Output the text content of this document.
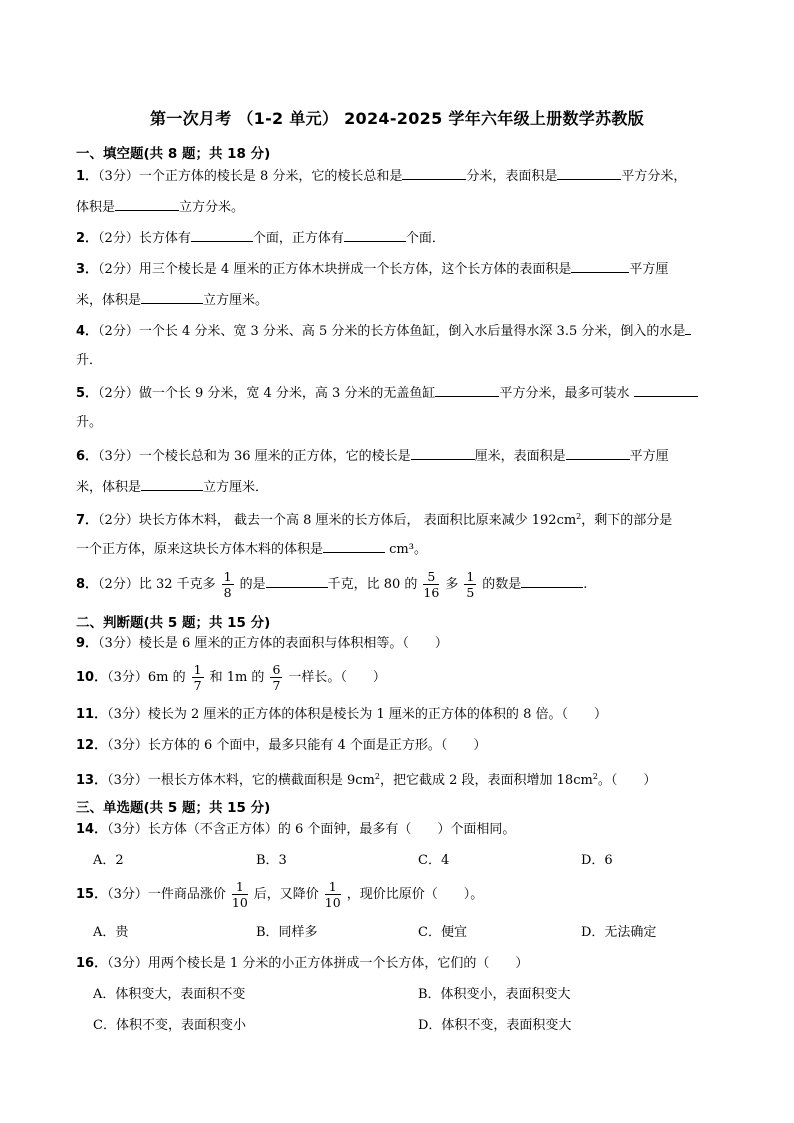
第一次月考 （1-2 单元） 2024-2025 学年六年级上册数学苏教版
一、填空题(共 8 题；共 18 分)
1．（3分）一个正方体的棱长是 8 分米，它的棱长总和是	分米，表面积是	平方分米，
体积是	立方分米。
2．（2分）长方体有	个面，正方体有	个面．
3．（2分）用三个棱长是 4 厘米的正方体木块拼成一个长方体，这个长方体的表面积是	平方厘
米，体积是	立方厘米。
4．（2分）一个长 4 分米、宽 3 分米、高 5 分米的长方体鱼缸，倒入水后量得水深 3.5 分米，倒入的水是
升．
5．（2分）做一个长 9 分米，宽 4 分米，高 3 分米的无盖鱼缸	平方分米，最多可装水
升。
6．（3分）一个棱长总和为 36 厘米的正方体，它的棱长是	厘米，表面积是	平方厘
米，体积是	立方厘米．
7．（2分）块长方体木料， 截去一个高 8 厘米的长方体后， 表面积比原来减少 $192cm^2$，剩下的部分是
一个正方体，原来这块长方体木料的体积是	cm³。
8．（2分）比 32 千克多 $\frac{1}{8}$ 的是	千克，比 80 的 $\frac{5}{16}$ 多 $\frac{1}{5}$ 的数是	.
二、判断题(共 5 题；共 15 分)
9．（3分）棱长是 6 厘米的正方体的表面积与体积相等。（　　）
10．（3分）6m 的 $\frac{1}{7}$ 和 1m 的 $\frac{6}{7}$ 一样长。（　　）
11．（3分）棱长为 2 厘米的正方体的体积是棱长为 1 厘米的正方体的体积的 8 倍。（　　）
12．（3分）长方体的 6 个面中，最多只能有 4 个面是正方形。（　　）
13．（3分）一根长方体木料，它的横截面积是 $9cm^2$，把它截成 2 段，表面积增加 $18cm^2$。（　　）
三、单选题(共 5 题；共 15 分)
14．（3分）长方体（不含正方体）的 6 个面钟，最多有（　　）个面相同。
A．2	B．3	C．4	D．6
15．（3分）一件商品涨价 $\frac{1}{10}$ 后，又降价 $\frac{1}{10}$ ，现价比原价（　　）。
A．贵	B．同样多	C．便宜	D．无法确定
16．（3分）用两个棱长是 1 分米的小正方体拼成一个长方体，它们的（　　）
A．体积变大，表面积不变	B．体积变小，表面积变大
C．体积不变，表面积变小	D．体积不变，表面积变大
